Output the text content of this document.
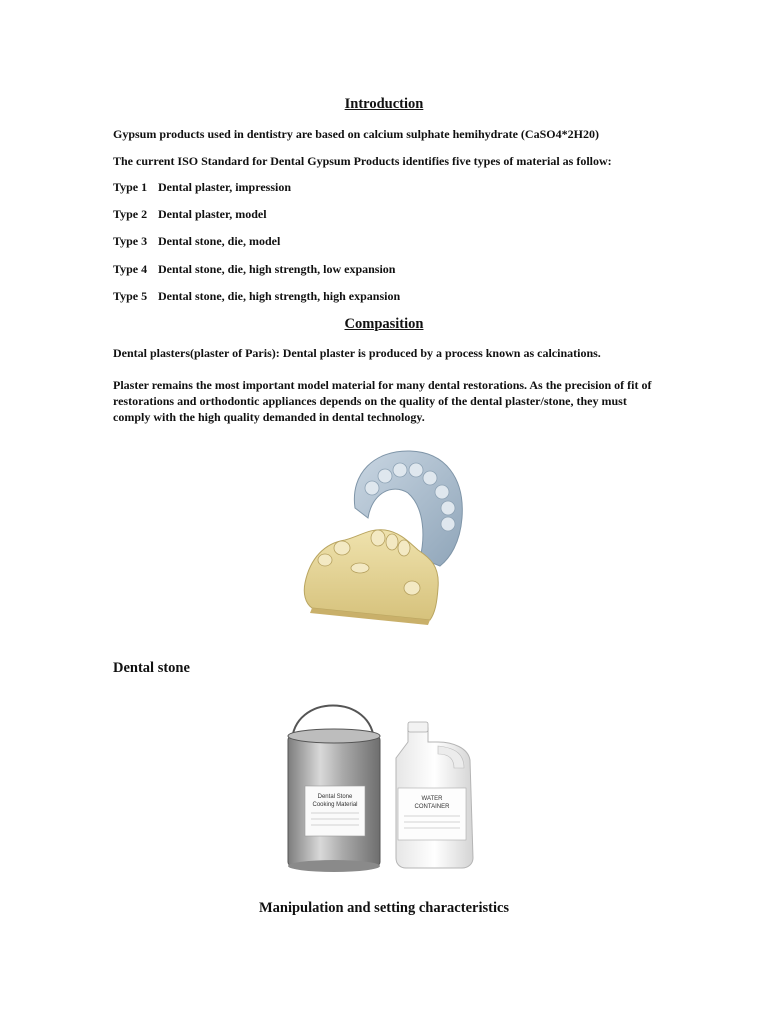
Introduction
Gypsum products used in dentistry are based on calcium sulphate hemihydrate (CaSO4*2H20)
The current ISO Standard for Dental Gypsum Products identifies five types of material as follow:
Type 1 Dental plaster, impression
Type 2 Dental plaster, model
Type 3 Dental stone, die, model
Type 4 Dental stone, die, high strength, low expansion
Type 5 Dental stone, die, high strength, high expansion
Compasition
Dental plasters(plaster of Paris): Dental plaster is produced by a process known as calcinations.
Plaster remains the most important model material for many dental restorations. As the precision of fit of restorations and orthodontic appliances depends on the quality of the dental plaster/stone, they must comply with the high quality demanded in dental technology.
Dental stone
Dental Stone
Cooking Material
WATER
CONTAINER
Manipulation and setting characteristics
